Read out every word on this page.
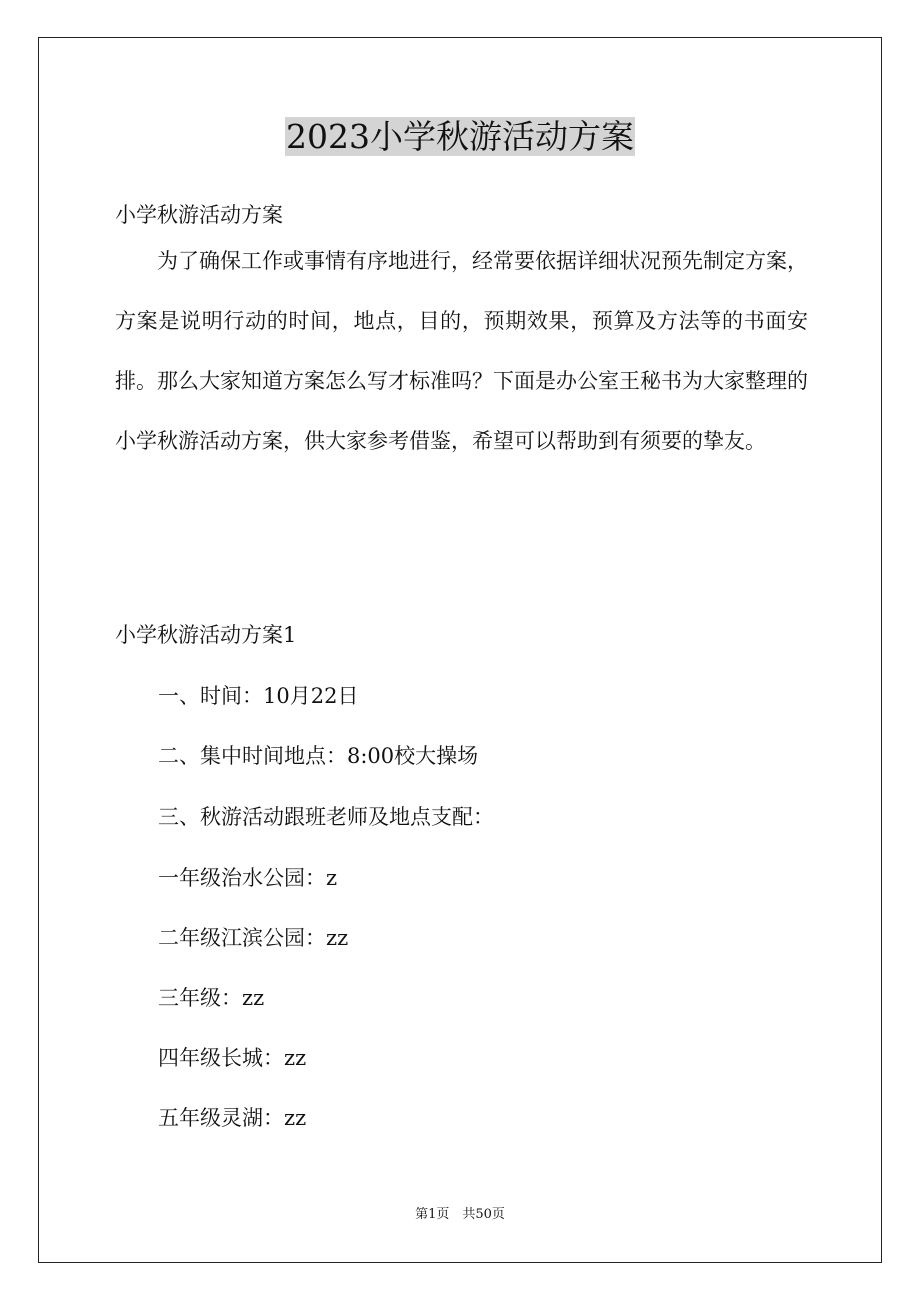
2023小学秋游活动方案

小学秋游活动方案

为了确保工作或事情有序地进行，经常要依据详细状况预先制定方案，方案是说明行动的时间，地点，目的，预期效果，预算及方法等的书面安排。那么大家知道方案怎么写才标准吗？下面是办公室王秘书为大家整理的小学秋游活动方案，供大家参考借鉴，希望可以帮助到有须要的挚友。

小学秋游活动方案1

一、时间：10月22日

二、集中时间地点：8:00校大操场

三、秋游活动跟班老师及地点支配：

一年级治水公园：z

二年级江滨公园：zz

三年级：zz

四年级长城：zz

五年级灵湖：zz

第1页　共50页
